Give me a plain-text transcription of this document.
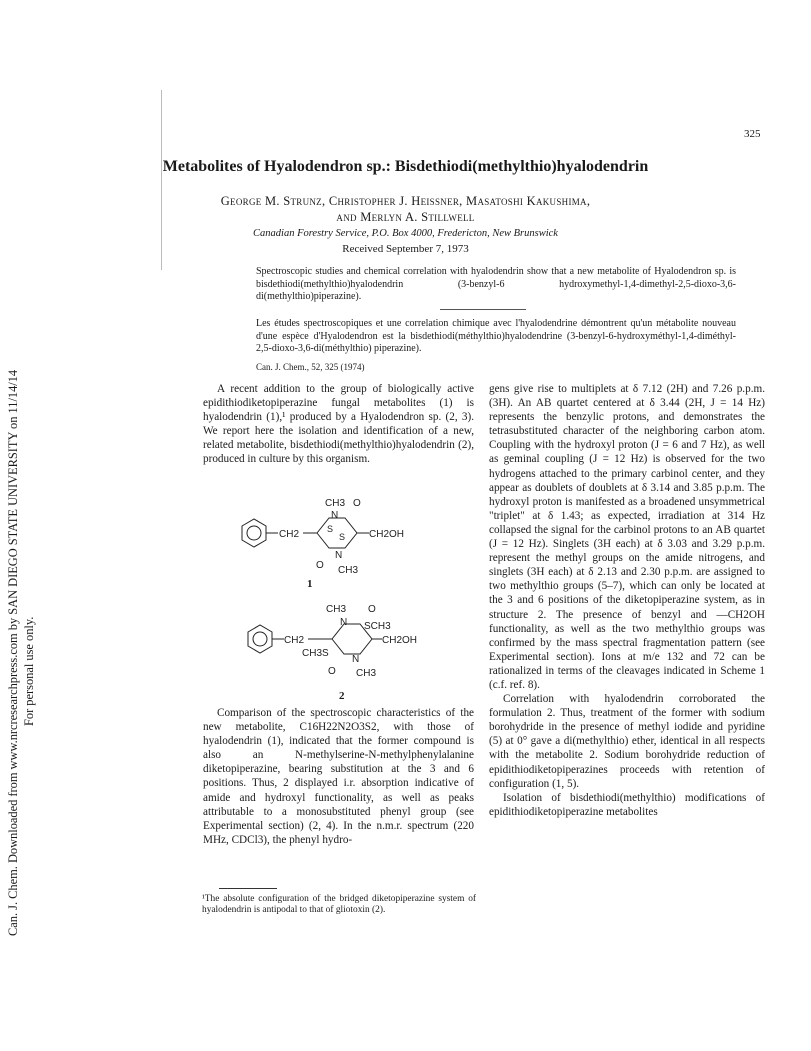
Can. J. Chem. Downloaded from www.nrcresearchpress.com by SAN DIEGO STATE UNIVERSITY on 11/14/14 For personal use only.
325
Metabolites of Hyalodendron sp.: Bisdethiodi(methylthio)hyalodendrin
George M. Strunz, Christopher J. Heissner, Masatoshi Kakushima,
and Merlyn A. Stillwell
Canadian Forestry Service, P.O. Box 4000, Fredericton, New Brunswick
Received September 7, 1973
Spectroscopic studies and chemical correlation with hyalodendrin show that a new metabolite of Hyalodendron sp. is bisdethiodi(methylthio)hyalodendrin (3-benzyl-6 hydroxymethyl-1,4-dimethyl-2,5-dioxo-3,6-di(methylthio)piperazine).
Les études spectroscopiques et une correlation chimique avec l'hyalodendrine démontrent qu'un métabolite nouveau d'une espèce d'Hyalodendron est la bisdethiodi(méthylthio)hyalodendrine (3-benzyl-6-hydroxyméthyl-1,4-diméthyl-2,5-dioxo-3,6-di(méthylthio) piperazine).
Can. J. Chem., 52, 325 (1974)

A recent addition to the group of biologically active epidithiodiketopiperazine fungal metabolites (1) is hyalodendrin (1),¹ produced by a Hyalodendron sp. (2, 3). We report here the isolation and identification of a new, related metabolite, bisdethiodi(methylthio)hyalodendrin (2), produced in culture by this organism.

CH2
CH3
N
O
S
S CH2OH
N
O CH3
1
CH2
CH3
N
O
SCH3
CH2OH
CH3S
N
O CH3
2

Comparison of the spectroscopic characteristics of the new metabolite, C16H22N2O3S2, with those of hyalodendrin (1), indicated that the former compound is also an N-methylserine-N-methylphenylalanine diketopiperazine, bearing substitution at the 3 and 6 positions. Thus, 2 displayed i.r. absorption indicative of amide and hydroxyl functionality, as well as peaks attributable to a monosubstituted phenyl group (see Experimental section) (2, 4). In the n.m.r. spectrum (220 MHz, CDCl3), the phenyl hydro-

¹The absolute configuration of the bridged diketopiperazine system of hyalodendrin is antipodal to that of gliotoxin (2).

gens give rise to multiplets at δ 7.12 (2H) and 7.26 p.p.m. (3H). An AB quartet centered at δ 3.44 (2H, J = 14 Hz) represents the benzylic protons, and demonstrates the tetrasubstituted character of the neighboring carbon atom. Coupling with the hydroxyl proton (J = 6 and 7 Hz), as well as geminal coupling (J = 12 Hz) is observed for the two hydrogens attached to the primary carbinol center, and they appear as doublets of doublets at δ 3.14 and 3.85 p.p.m. The hydroxyl proton is manifested as a broadened unsymmetrical "triplet" at δ 1.43; as expected, irradiation at 314 Hz collapsed the signal for the carbinol protons to an AB quartet (J = 12 Hz). Singlets (3H each) at δ 3.03 and 3.29 p.p.m. represent the methyl groups on the amide nitrogens, and singlets (3H each) at δ 2.13 and 2.30 p.p.m. are assigned to two methylthio groups (5–7), which can only be located at the 3 and 6 positions of the diketopiperazine system, as in structure 2. The presence of benzyl and —CH2OH functionality, as well as the two methylthio groups was confirmed by the mass spectral fragmentation pattern (see Experimental section). Ions at m/e 132 and 72 can be rationalized in terms of the cleavages indicated in Scheme 1 (c.f. ref. 8).

Correlation with hyalodendrin corroborated the formulation 2. Thus, treatment of the former with sodium borohydride in the presence of methyl iodide and pyridine (5) at 0° gave a di(methylthio) ether, identical in all respects with the metabolite 2. Sodium borohydride reduction of epidithiodiketopiperazines proceeds with retention of configuration (1, 5).

Isolation of bisdethiodi(methylthio) modifications of epidithiodiketopiperazine metabolites
